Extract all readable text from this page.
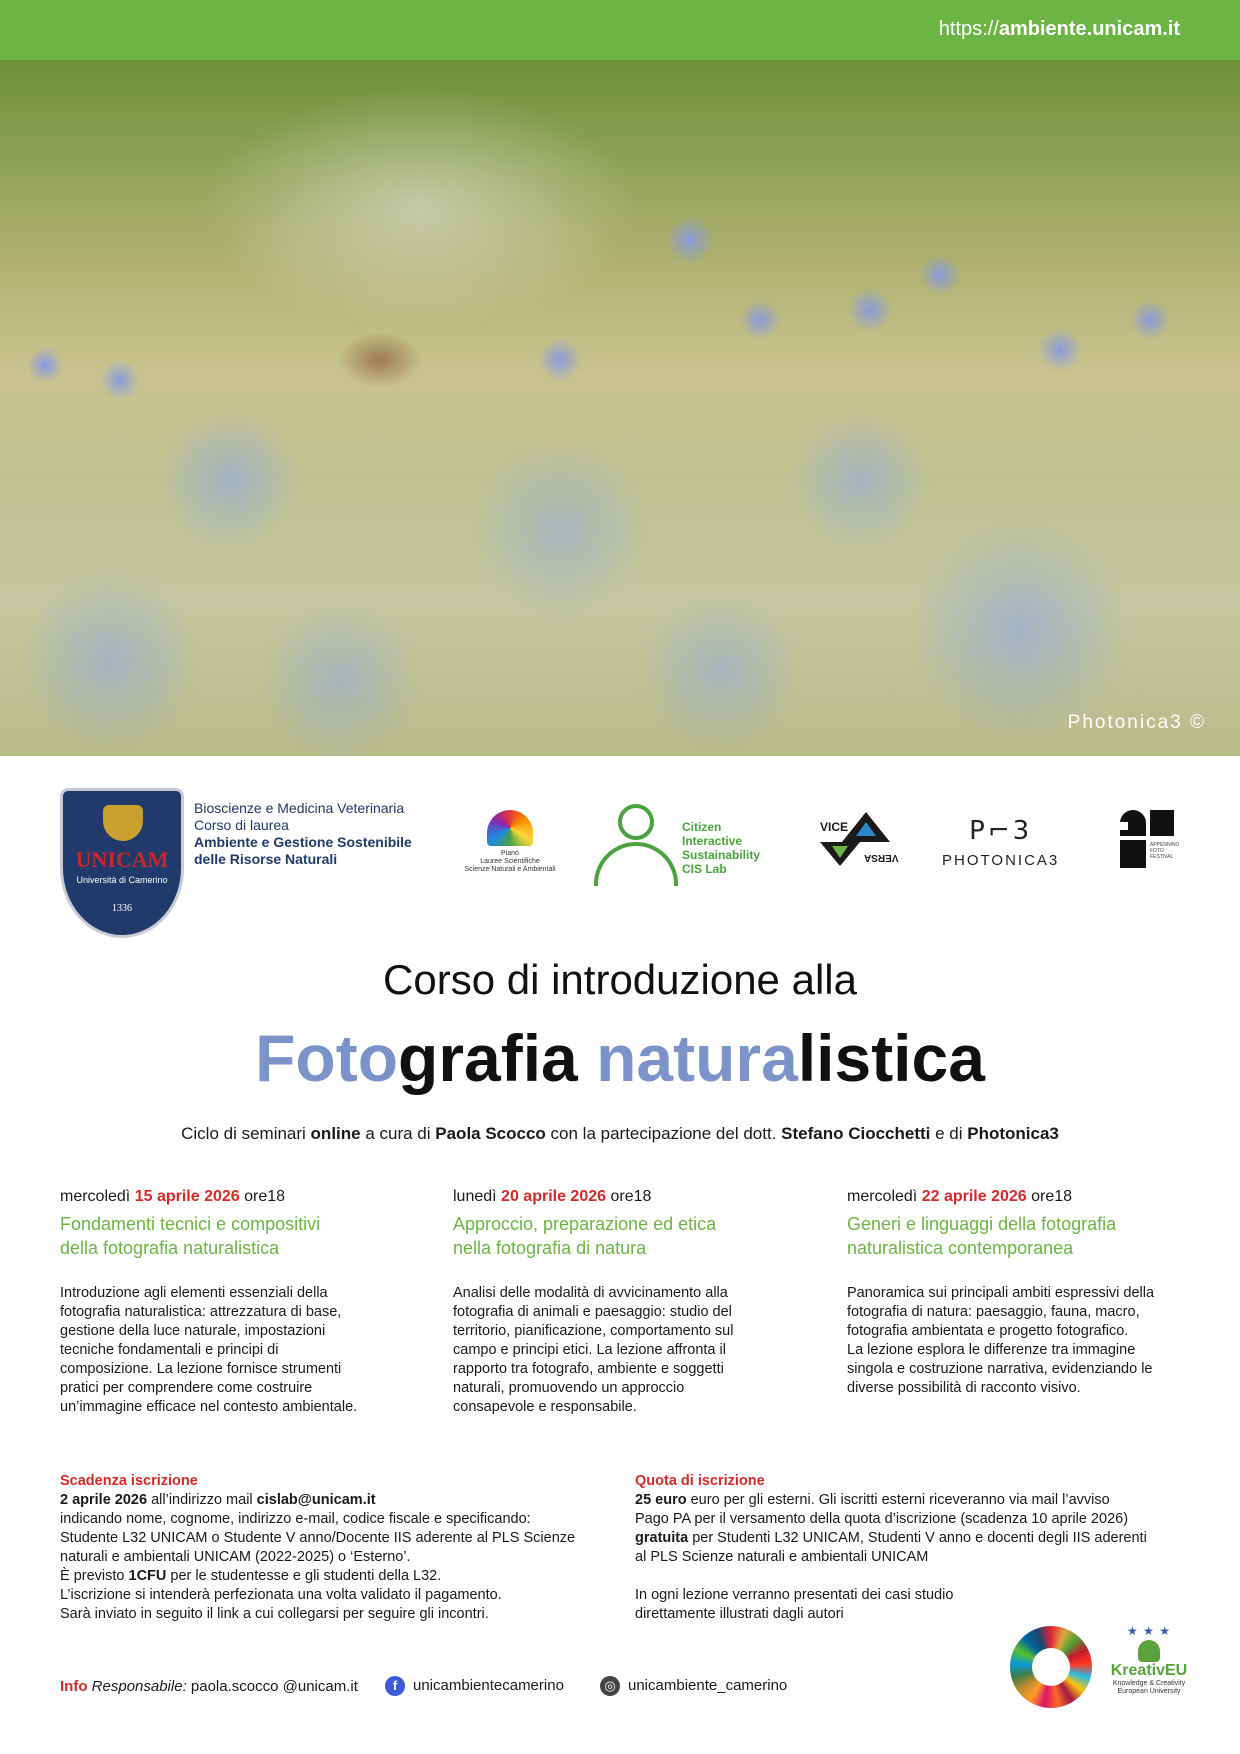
https://ambiente.unicam.it
Photonica3 ©
UNICAM
Università di Camerino
1336
Bioscienze e Medicina Veterinaria
Corso di laurea
Ambiente e Gestione Sostenibile
delle Risorse Naturali	Piano
Lauree Scientifiche
Scienze Naturali e Ambientali
Citizen
Interactive
Sustainability
CIS Lab
VICE
VERSA
P⌐3
PHOTONICA3
APPENNINO FOTO FESTIVAL
Corso di introduzione alla
Fotografia naturalistica
Ciclo di seminari online a cura di Paola Scocco con la partecipazione del dott. Stefano Ciocchetti e di Photonica3
mercoledì 15 aprile 2026 ore18
Fondamenti tecnici e compositivi
della fotografia naturalistica
Introduzione agli elementi essenziali della
fotografia naturalistica: attrezzatura di base,
gestione della luce naturale, impostazioni
tecniche fondamentali e principi di
composizione. La lezione fornisce strumenti
pratici per comprendere come costruire
un’immagine efficace nel contesto ambientale.
lunedì 20 aprile 2026 ore18
Approccio, preparazione ed etica
nella fotografia di natura
Analisi delle modalità di avvicinamento alla
fotografia di animali e paesaggio: studio del
territorio, pianificazione, comportamento sul
campo e principi etici. La lezione affronta il
rapporto tra fotografo, ambiente e soggetti
naturali, promuovendo un approccio
consapevole e responsabile.
mercoledì 22 aprile 2026 ore18
Generi e linguaggi della fotografia
naturalistica contemporanea
Panoramica sui principali ambiti espressivi della
fotografia di natura: paesaggio, fauna, macro,
fotografia ambientata e progetto fotografico.
La lezione esplora le differenze tra immagine
singola e costruzione narrativa, evidenziando le
diverse possibilità di racconto visivo.
Scadenza iscrizione
2 aprile 2026 all’indirizzo mail cislab@unicam.it
indicando nome, cognome, indirizzo e-mail, codice fiscale e specificando:
Studente L32 UNICAM o Studente V anno/Docente IIS aderente al PLS Scienze
naturali e ambientali UNICAM (2022-2025) o ‘Esterno’.
È previsto 1CFU per le studentesse e gli studenti della L32.
L’iscrizione si intenderà perfezionata una volta validato il pagamento.
Sarà inviato in seguito il link a cui collegarsi per seguire gli incontri.
Quota di iscrizione
25 euro euro per gli esterni. Gli iscritti esterni riceveranno via mail l’avviso
Pago PA per il versamento della quota d’iscrizione (scadenza 10 aprile 2026)
gratuita per Studenti L32 UNICAM, Studenti V anno e docenti degli IIS aderenti
al PLS Scienze naturali e ambientali UNICAM
In ogni lezione verranno presentati dei casi studio
direttamente illustrati dagli autori
Info Responsabile: paola.scocco @unicam.it	f unicambientecamerino	◎ unicambiente_camerino
★ ★ ★
KreativEU
Knowledge & Creativity
European University
